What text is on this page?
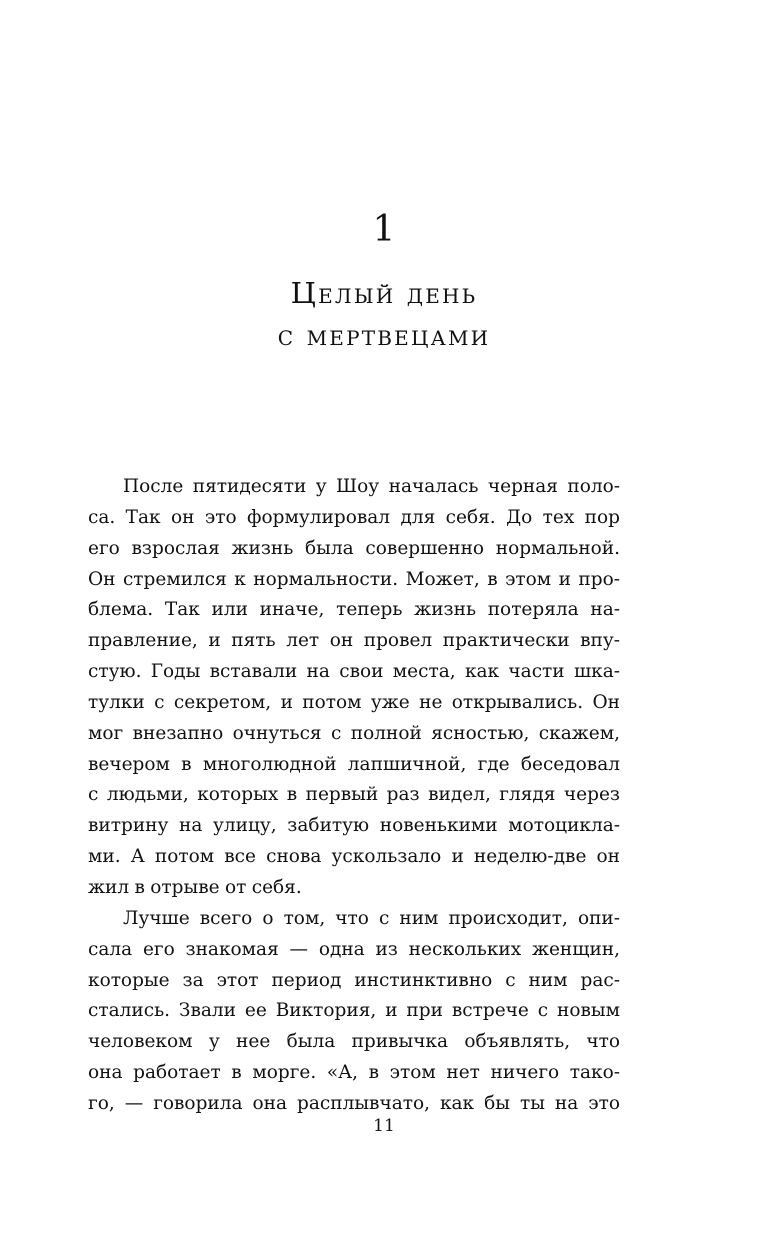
1
Целый день
с мертвецами
После пятидесяти у Шоу началась черная поло-
са. Так он это формулировал для себя. До тех пор
его взрослая жизнь была совершенно нормальной.
Он стремился к нормальности. Может, в этом и про-
блема. Так или иначе, теперь жизнь потеряла на-
правление, и пять лет он провел практически впу-
стую. Годы вставали на свои места, как части шка-
тулки с секретом, и потом уже не открывались. Он
мог внезапно очнуться с полной ясностью, скажем,
вечером в многолюдной лапшичной, где беседовал
с людьми, которых в первый раз видел, глядя через
витрину на улицу, забитую новенькими мотоцикла-
ми. А потом все снова ускользало и неделю-две он
жил в отрыве от себя.
Лучше всего о том, что с ним происходит, опи-
сала его знакомая — одна из нескольких женщин,
которые за этот период инстинктивно с ним рас-
стались. Звали ее Виктория, и при встрече с новым
человеком у нее была привычка объявлять, что
она работает в морге. «А, в этом нет ничего тако-
го, — говорила она расплывчато, как бы ты на это
11
